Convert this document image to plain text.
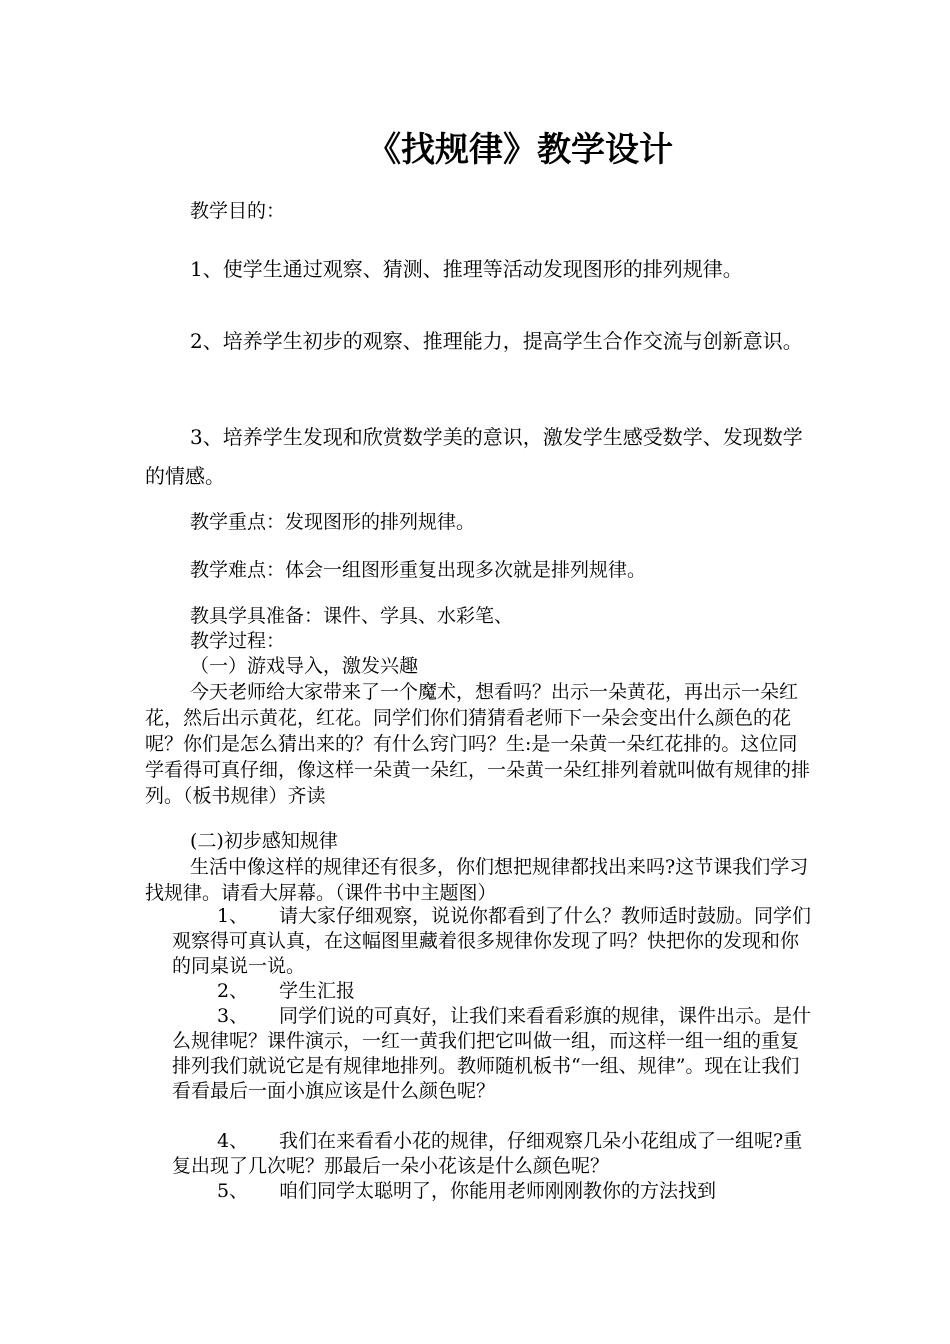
《找规律》教学设计

教学目的：

1、使学生通过观察、猜测、推理等活动发现图形的排列规律。

2、培养学生初步的观察、推理能力，提高学生合作交流与创新意识。

3、培养学生发现和欣赏数学美的意识，激发学生感受数学、发现数学的情感。

教学重点：发现图形的排列规律。

教学难点：体会一组图形重复出现多次就是排列规律。

教具学具准备：课件、学具、水彩笔、

教学过程：

（一）游戏导入，激发兴趣

今天老师给大家带来了一个魔术，想看吗？出示一朵黄花，再出示一朵红花，然后出示黄花，红花。同学们你们猜猜看老师下一朵会变出什么颜色的花呢？你们是怎么猜出来的？有什么窍门吗？生:是一朵黄一朵红花排的。这位同学看得可真仔细，像这样一朵黄一朵红，一朵黄一朵红排列着就叫做有规律的排列。（板书规律）齐读

(二)初步感知规律

生活中像这样的规律还有很多，你们想把规律都找出来吗?这节课我们学习找规律。请看大屏幕。（课件书中主题图）

1、 请大家仔细观察，说说你都看到了什么？教师适时鼓励。同学们观察得可真认真，在这幅图里藏着很多规律你发现了吗？快把你的发现和你的同桌说一说。
2、 学生汇报
3、 同学们说的可真好，让我们来看看彩旗的规律，课件出示。是什么规律呢？课件演示，一红一黄我们把它叫做一组，而这样一组一组的重复排列我们就说它是有规律地排列。教师随机板书“一组、规律”。现在让我们看看最后一面小旗应该是什么颜色呢？
4、 我们在来看看小花的规律，仔细观察几朵小花组成了一组呢?重复出现了几次呢？那最后一朵小花该是什么颜色呢？
5、 咱们同学太聪明了，你能用老师刚刚教你的方法找到
